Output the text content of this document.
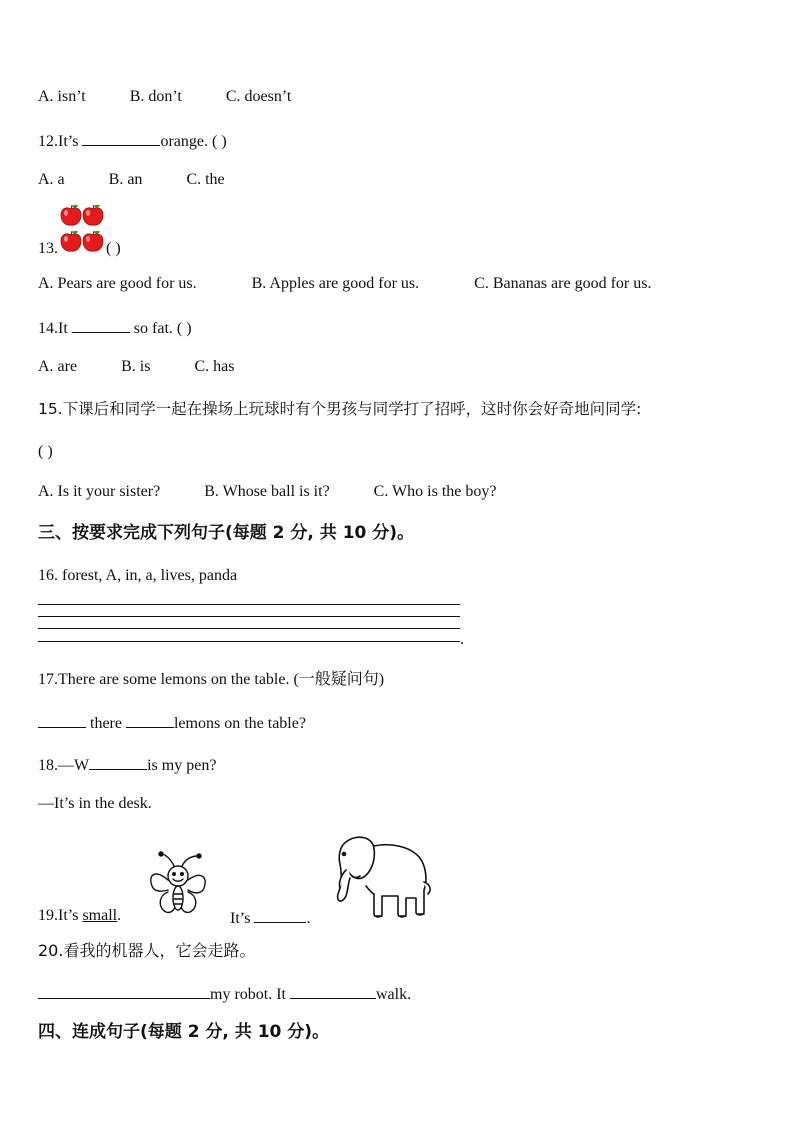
A. isn’t	B. don’t	C. doesn’t
12.It’s	orange. ( )
A. a	B. an	C. the
13.	( )
A. Pears are good for us.	B. Apples are good for us.	C. Bananas are good for us.
14.It	so fat. ( )
A. are	B. is	C. has
15.下课后和同学一起在操场上玩球时有个男孩与同学打了招呼，这时你会好奇地问同学:
( )
A. Is it your sister?	B. Whose ball is it?	C. Who is the boy?
三、按要求完成下列句子(每题 2 分, 共 10 分)。
16. forest, A, in, a, lives, panda
.
17.There are some lemons on the table. (一般疑问句)
there	lemons on the table?
18.—W	is my pen?
—It’s in the desk.
19.It’s small.	It’s	.
20.看我的机器人，它会走路。
my robot. It	walk.
四、连成句子(每题 2 分, 共 10 分)。
